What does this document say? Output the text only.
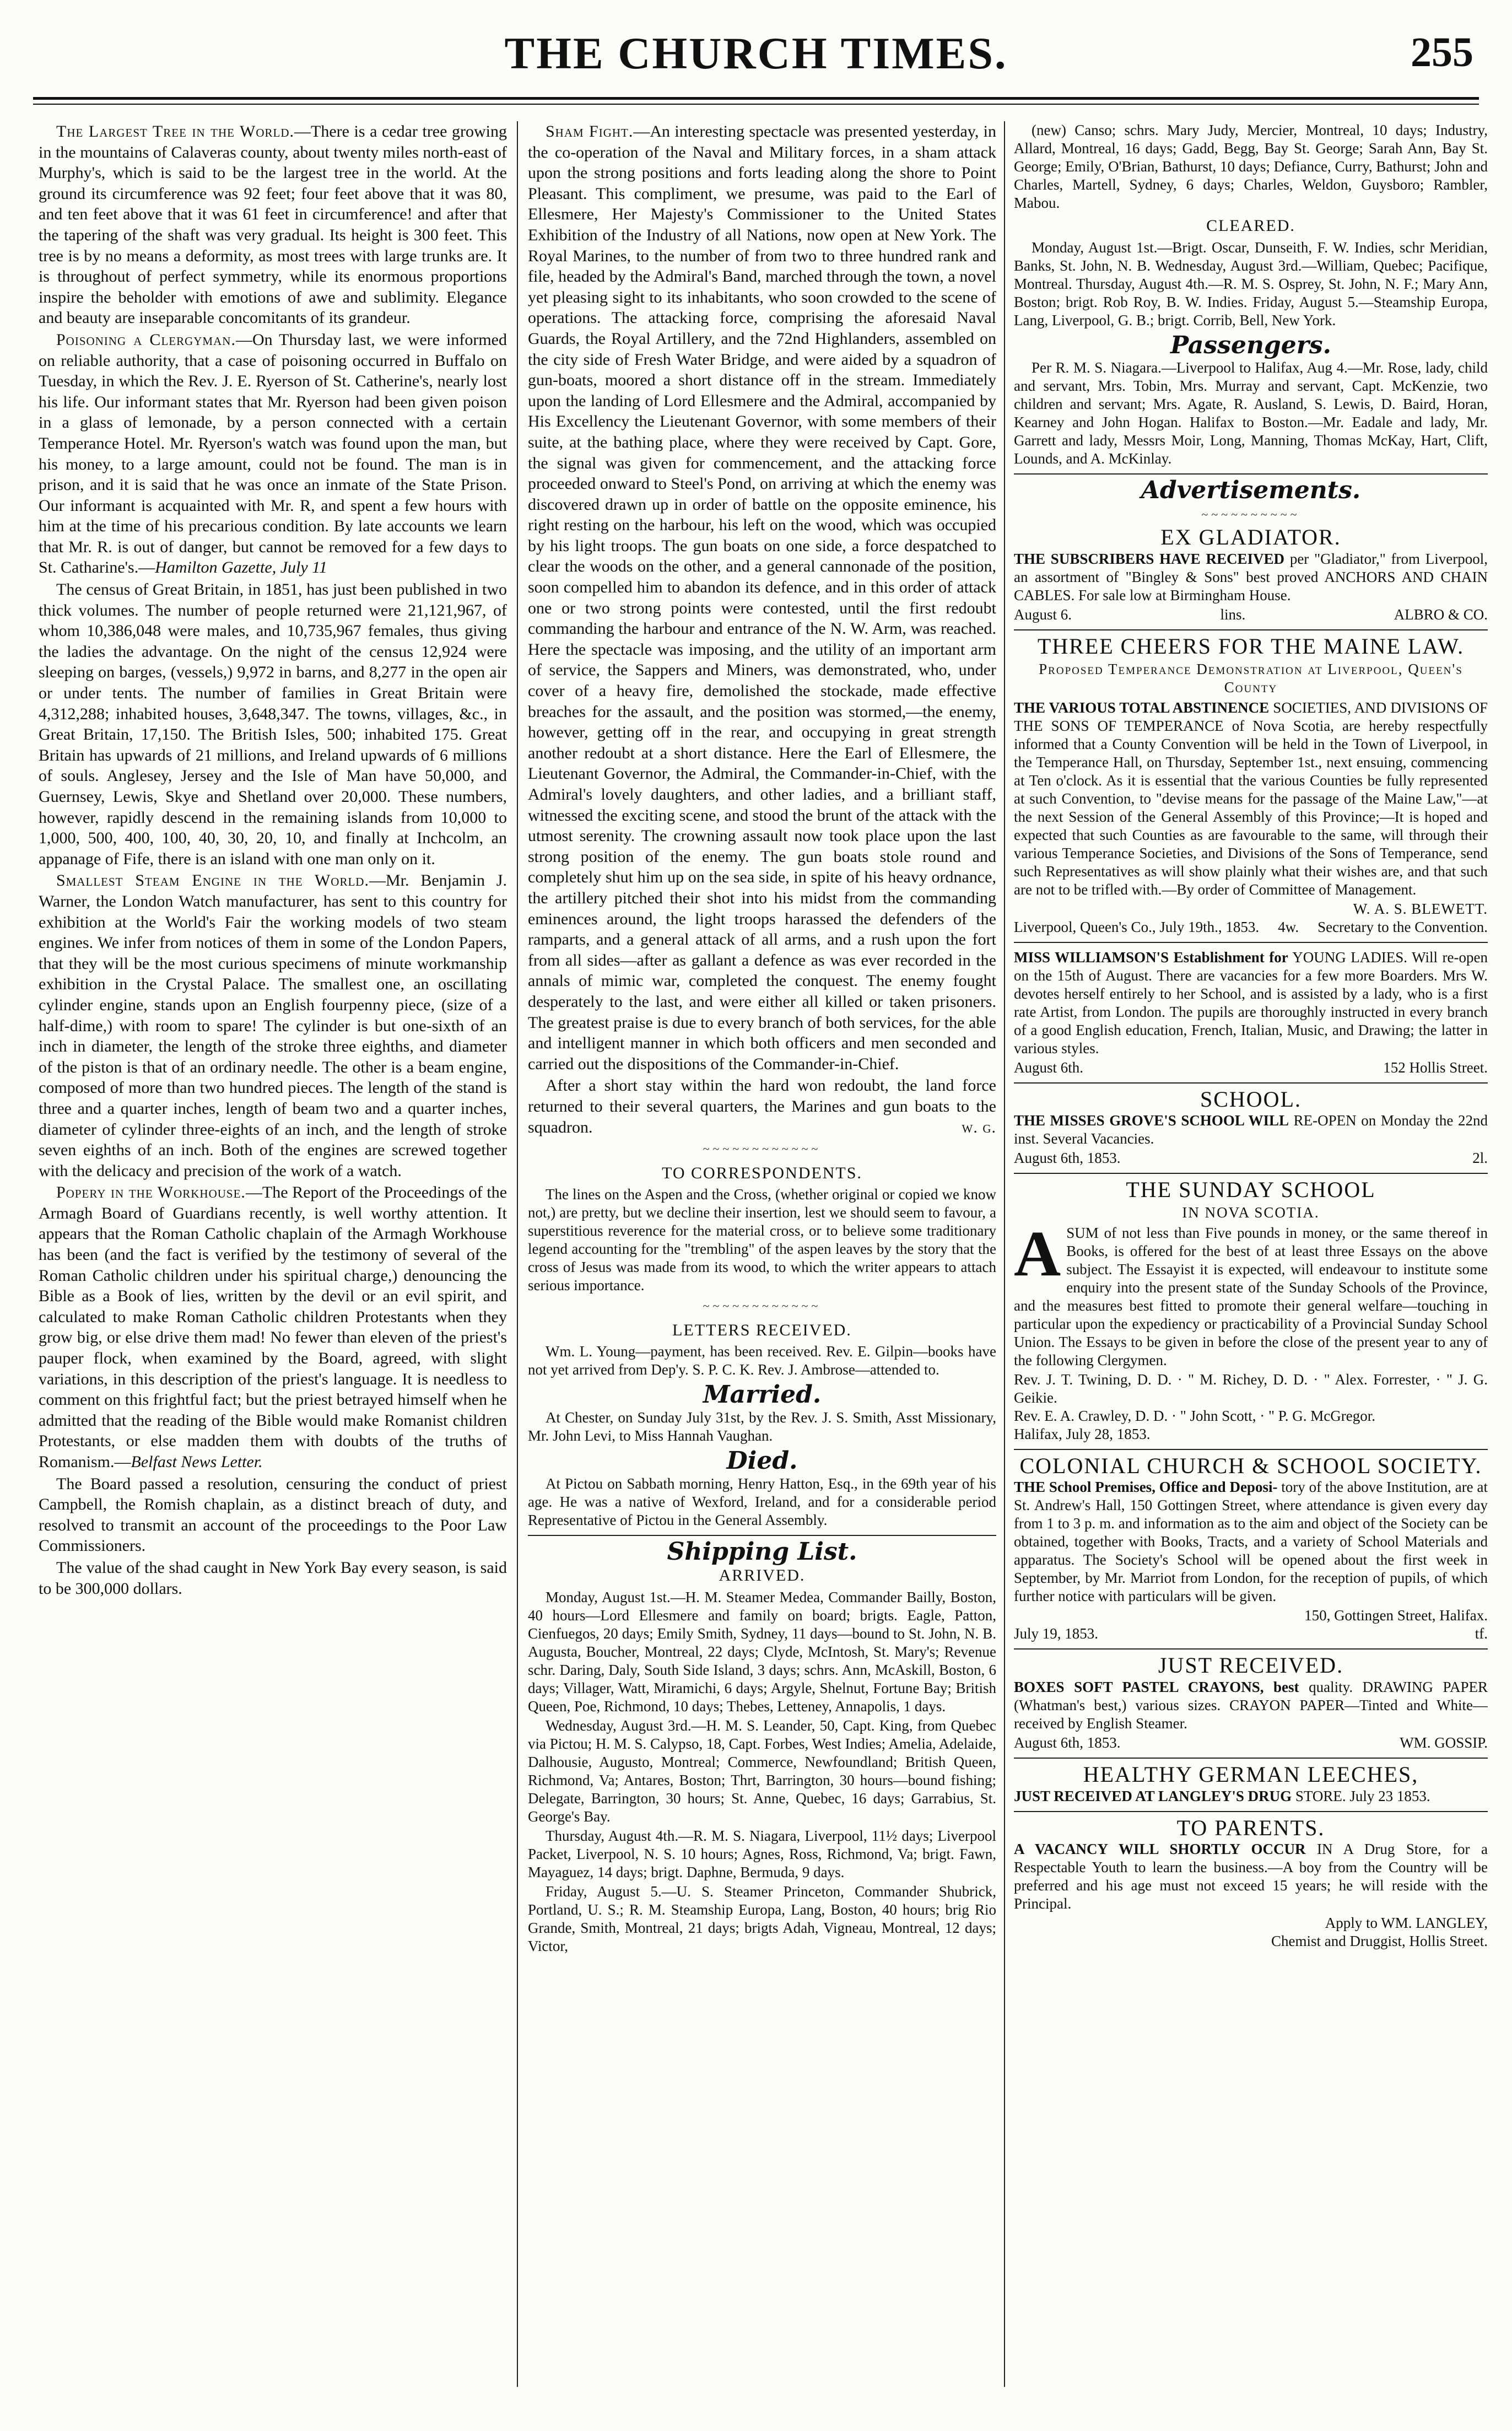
THE CHURCH TIMES.	255

The Largest Tree in the World.—There is a cedar tree growing in the mountains of Calaveras county, about twenty miles north-east of Murphy's, which is said to be the largest tree in the world. At the ground its circumference was 92 feet; four feet above that it was 80, and ten feet above that it was 61 feet in circumference! and after that the tapering of the shaft was very gradual. Its height is 300 feet. This tree is by no means a deformity, as most trees with large trunks are. It is throughout of perfect symmetry, while its enormous proportions inspire the beholder with emotions of awe and sublimity. Elegance and beauty are inseparable concomitants of its grandeur.

Poisoning a Clergyman.—On Thursday last, we were informed on reliable authority, that a case of poisoning occurred in Buffalo on Tuesday, in which the Rev. J. E. Ryerson of St. Catherine's, nearly lost his life. Our informant states that Mr. Ryerson had been given poison in a glass of lemonade, by a person connected with a certain Temperance Hotel. Mr. Ryerson's watch was found upon the man, but his money, to a large amount, could not be found. The man is in prison, and it is said that he was once an inmate of the State Prison. Our informant is acquainted with Mr. R, and spent a few hours with him at the time of his precarious condition. By late accounts we learn that Mr. R. is out of danger, but cannot be removed for a few days to St. Catharine's.—Hamilton Gazette, July 11

The census of Great Britain, in 1851, has just been published in two thick volumes. The number of people returned were 21,121,967, of whom 10,386,048 were males, and 10,735,967 females, thus giving the ladies the advantage. On the night of the census 12,924 were sleeping on barges, (vessels,) 9,972 in barns, and 8,277 in the open air or under tents. The number of families in Great Britain were 4,312,288; inhabited houses, 3,648,347. The towns, villages, &c., in Great Britain, 17,150. The British Isles, 500; inhabited 175. Great Britain has upwards of 21 millions, and Ireland upwards of 6 millions of souls. Anglesey, Jersey and the Isle of Man have 50,000, and Guernsey, Lewis, Skye and Shetland over 20,000. These numbers, however, rapidly descend in the remaining islands from 10,000 to 1,000, 500, 400, 100, 40, 30, 20, 10, and finally at Inchcolm, an appanage of Fife, there is an island with one man only on it.

Smallest Steam Engine in the World.—Mr. Benjamin J. Warner, the London Watch manufacturer, has sent to this country for exhibition at the World's Fair the working models of two steam engines. We infer from notices of them in some of the London Papers, that they will be the most curious specimens of minute workmanship exhibition in the Crystal Palace. The smallest one, an oscillating cylinder engine, stands upon an English fourpenny piece, (size of a half-dime,) with room to spare! The cylinder is but one-sixth of an inch in diameter, the length of the stroke three eighths, and diameter of the piston is that of an ordinary needle. The other is a beam engine, composed of more than two hundred pieces. The length of the stand is three and a quarter inches, length of beam two and a quarter inches, diameter of cylinder three-eights of an inch, and the length of stroke seven eighths of an inch. Both of the engines are screwed together with the delicacy and precision of the work of a watch.

Popery in the Workhouse.—The Report of the Proceedings of the Armagh Board of Guardians recently, is well worthy attention. It appears that the Roman Catholic chaplain of the Armagh Workhouse has been (and the fact is verified by the testimony of several of the Roman Catholic children under his spiritual charge,) denouncing the Bible as a Book of lies, written by the devil or an evil spirit, and calculated to make Roman Catholic children Protestants when they grow big, or else drive them mad! No fewer than eleven of the priest's pauper flock, when examined by the Board, agreed, with slight variations, in this description of the priest's language. It is needless to comment on this frightful fact; but the priest betrayed himself when he admitted that the reading of the Bible would make Romanist children Protestants, or else madden them with doubts of the truths of Romanism.—Belfast News Letter.

The Board passed a resolution, censuring the conduct of priest Campbell, the Romish chaplain, as a distinct breach of duty, and resolved to transmit an account of the proceedings to the Poor Law Commissioners.

The value of the shad caught in New York Bay every season, is said to be 300,000 dollars.

Sham Fight.—An interesting spectacle was presented yesterday, in the co-operation of the Naval and Military forces, in a sham attack upon the strong positions and forts leading along the shore to Point Pleasant. This compliment, we presume, was paid to the Earl of Ellesmere, Her Majesty's Commissioner to the United States Exhibition of the Industry of all Nations, now open at New York. The Royal Marines, to the number of from two to three hundred rank and file, headed by the Admiral's Band, marched through the town, a novel yet pleasing sight to its inhabitants, who soon crowded to the scene of operations. The attacking force, comprising the aforesaid Naval Guards, the Royal Artillery, and the 72nd Highlanders, assembled on the city side of Fresh Water Bridge, and were aided by a squadron of gun-boats, moored a short distance off in the stream. Immediately upon the landing of Lord Ellesmere and the Admiral, accompanied by His Excellency the Lieutenant Governor, with some members of their suite, at the bathing place, where they were received by Capt. Gore, the signal was given for commencement, and the attacking force proceeded onward to Steel's Pond, on arriving at which the enemy was discovered drawn up in order of battle on the opposite eminence, his right resting on the harbour, his left on the wood, which was occupied by his light troops. The gun boats on one side, a force despatched to clear the woods on the other, and a general cannonade of the position, soon compelled him to abandon its defence, and in this order of attack one or two strong points were contested, until the first redoubt commanding the harbour and entrance of the N. W. Arm, was reached. Here the spectacle was imposing, and the utility of an important arm of service, the Sappers and Miners, was demonstrated, who, under cover of a heavy fire, demolished the stockade, made effective breaches for the assault, and the position was stormed,—the enemy, however, getting off in the rear, and occupying in great strength another redoubt at a short distance. Here the Earl of Ellesmere, the Lieutenant Governor, the Admiral, the Commander-in-Chief, with the Admiral's lovely daughters, and other ladies, and a brilliant staff, witnessed the exciting scene, and stood the brunt of the attack with the utmost serenity. The crowning assault now took place upon the last strong position of the enemy. The gun boats stole round and completely shut him up on the sea side, in spite of his heavy ordnance, the artillery pitched their shot into his midst from the commanding eminences around, the light troops harassed the defenders of the ramparts, and a general attack of all arms, and a rush upon the fort from all sides—after as gallant a defence as was ever recorded in the annals of mimic war, completed the conquest. The enemy fought desperately to the last, and were either all killed or taken prisoners. The greatest praise is due to every branch of both services, for the able and intelligent manner in which both officers and men seconded and carried out the dispositions of the Commander-in-Chief.

After a short stay within the hard won redoubt, the land force returned to their several quarters, the Marines and gun boats to the squadron.	w. g.

~~~~~~~~~~~~
TO CORRESPONDENTS.

The lines on the Aspen and the Cross, (whether original or copied we know not,) are pretty, but we decline their insertion, lest we should seem to favour, a superstitious reverence for the material cross, or to believe some traditionary legend accounting for the "trembling" of the aspen leaves by the story that the cross of Jesus was made from its wood, to which the writer appears to attach serious importance.

~~~~~~~~~~~~
LETTERS RECEIVED.

Wm. L. Young—payment, has been received. Rev. E. Gilpin—books have not yet arrived from Dep'y. S. P. C. K. Rev. J. Ambrose—attended to.

Married.

At Chester, on Sunday July 31st, by the Rev. J. S. Smith, Asst Missionary, Mr. John Levi, to Miss Hannah Vaughan.

Died.

At Pictou on Sabbath morning, Henry Hatton, Esq., in the 69th year of his age. He was a native of Wexford, Ireland, and for a considerable period Representative of Pictou in the General Assembly.

Shipping List.
ARRIVED.

Monday, August 1st.—H. M. Steamer Medea, Commander Bailly, Boston, 40 hours—Lord Ellesmere and family on board; brigts. Eagle, Patton, Cienfuegos, 20 days; Emily Smith, Sydney, 11 days—bound to St. John, N. B. Augusta, Boucher, Montreal, 22 days; Clyde, McIntosh, St. Mary's; Revenue schr. Daring, Daly, South Side Island, 3 days; schrs. Ann, McAskill, Boston, 6 days; Villager, Watt, Miramichi, 6 days; Argyle, Shelnut, Fortune Bay; British Queen, Poe, Richmond, 10 days; Thebes, Letteney, Annapolis, 1 days.

Wednesday, August 3rd.—H. M. S. Leander, 50, Capt. King, from Quebec via Pictou; H. M. S. Calypso, 18, Capt. Forbes, West Indies; Amelia, Adelaide, Dalhousie, Augusto, Montreal; Commerce, Newfoundland; British Queen, Richmond, Va; Antares, Boston; Thrt, Barrington, 30 hours—bound fishing; Delegate, Barrington, 30 hours; St. Anne, Quebec, 16 days; Garrabius, St. George's Bay.

Thursday, August 4th.—R. M. S. Niagara, Liverpool, 11½ days; Liverpool Packet, Liverpool, N. S. 10 hours; Agnes, Ross, Richmond, Va; brigt. Fawn, Mayaguez, 14 days; brigt. Daphne, Bermuda, 9 days.

Friday, August 5.—U. S. Steamer Princeton, Commander Shubrick, Portland, U. S.; R. M. Steamship Europa, Lang, Boston, 40 hours; brig Rio Grande, Smith, Montreal, 21 days; brigts Adah, Vigneau, Montreal, 12 days; Victor,

(new) Canso; schrs. Mary Judy, Mercier, Montreal, 10 days; Industry, Allard, Montreal, 16 days; Gadd, Begg, Bay St. George; Sarah Ann, Bay St. George; Emily, O'Brian, Bathurst, 10 days; Defiance, Curry, Bathurst; John and Charles, Martell, Sydney, 6 days; Charles, Weldon, Guysboro; Rambler, Mabou.

CLEARED.

Monday, August 1st.—Brigt. Oscar, Dunseith, F. W. Indies, schr Meridian, Banks, St. John, N. B. Wednesday, August 3rd.—William, Quebec; Pacifique, Montreal. Thursday, August 4th.—R. M. S. Osprey, St. John, N. F.; Mary Ann, Boston; brigt. Rob Roy, B. W. Indies. Friday, August 5.—Steamship Europa, Lang, Liverpool, G. B.; brigt. Corrib, Bell, New York.

Passengers.

Per R. M. S. Niagara.—Liverpool to Halifax, Aug 4.—Mr. Rose, lady, child and servant, Mrs. Tobin, Mrs. Murray and servant, Capt. McKenzie, two children and servant; Mrs. Agate, R. Ausland, S. Lewis, D. Baird, Horan, Kearney and John Hogan. Halifax to Boston.—Mr. Eadale and lady, Mr. Garrett and lady, Messrs Moir, Long, Manning, Thomas McKay, Hart, Clift, Lounds, and A. McKinlay.

Advertisements.
~~~~~~~~~~
EX GLADIATOR.

THE SUBSCRIBERS HAVE RECEIVED per "Gladiator," from Liverpool, an assortment of "Bingley & Sons" best proved ANCHORS AND CHAIN CABLES. For sale low at Birmingham House.

August 6.	lins.	ALBRO & CO.
THREE CHEERS FOR THE MAINE LAW.
Proposed Temperance Demonstration at Liverpool, Queen's County

THE VARIOUS TOTAL ABSTINENCE SOCIETIES, AND DIVISIONS OF THE SONS OF TEMPERANCE of Nova Scotia, are hereby respectfully informed that a County Convention will be held in the Town of Liverpool, in the Temperance Hall, on Thursday, September 1st., next ensuing, commencing at Ten o'clock. As it is essential that the various Counties be fully represented at such Convention, to "devise means for the passage of the Maine Law,"—at the next Session of the General Assembly of this Province;—It is hoped and expected that such Counties as are favourable to the same, will through their various Temperance Societies, and Divisions of the Sons of Temperance, send such Representatives as will show plainly what their wishes are, and that such are not to be trifled with.—By order of Committee of Management.

W. A. S. BLEWETT.
Liverpool, Queen's Co., July 19th., 1853. 4w. Secretary to the Convention.

MISS WILLIAMSON'S Establishment for YOUNG LADIES. Will re-open on the 15th of August. There are vacancies for a few more Boarders. Mrs W. devotes herself entirely to her School, and is assisted by a lady, who is a first rate Artist, from London. The pupils are thoroughly instructed in every branch of a good English education, French, Italian, Music, and Drawing; the latter in various styles.

August 6th.	152 Hollis Street.
SCHOOL.

THE MISSES GROVE'S SCHOOL WILL RE-OPEN on Monday the 22nd inst. Several Vacancies.

August 6th, 1853.	2l.
THE SUNDAY SCHOOL
IN NOVA SCOTIA.

ASUM of not less than Five pounds in money, or the same thereof in Books, is offered for the best of at least three Essays on the above subject. The Essayist it is expected, will endeavour to institute some enquiry into the present state of the Sunday Schools of the Province, and the measures best fitted to promote their general welfare—touching in particular upon the expediency or practicability of a Provincial Sunday School Union. The Essays to be given in before the close of the present year to any of the following Clergymen.

Rev. J. T. Twining, D. D. · " M. Richey, D. D. · " Alex. Forrester, · " J. G. Geikie.
Rev. E. A. Crawley, D. D. · " John Scott, · " P. G. McGregor.
Halifax, July 28, 1853.
COLONIAL CHURCH & SCHOOL SOCIETY.

THE School Premises, Office and Deposi- tory of the above Institution, are at St. Andrew's Hall, 150 Gottingen Street, where attendance is given every day from 1 to 3 p. m. and information as to the aim and object of the Society can be obtained, together with Books, Tracts, and a variety of School Materials and apparatus. The Society's School will be opened about the first week in September, by Mr. Marriot from London, for the reception of pupils, of which further notice with particulars will be given.

150, Gottingen Street, Halifax.
July 19, 1853.	tf.
JUST RECEIVED.

BOXES SOFT PASTEL CRAYONS, best quality. DRAWING PAPER (Whatman's best,) various sizes. CRAYON PAPER—Tinted and White—received by English Steamer.

August 6th, 1853.	WM. GOSSIP.
HEALTHY GERMAN LEECHES,

JUST RECEIVED AT LANGLEY'S DRUG STORE. July 23 1853.

TO PARENTS.

A VACANCY WILL SHORTLY OCCUR IN A Drug Store, for a Respectable Youth to learn the business.—A boy from the Country will be preferred and his age must not exceed 15 years; he will reside with the Principal.

Apply to WM. LANGLEY,
Chemist and Druggist, Hollis Street.
